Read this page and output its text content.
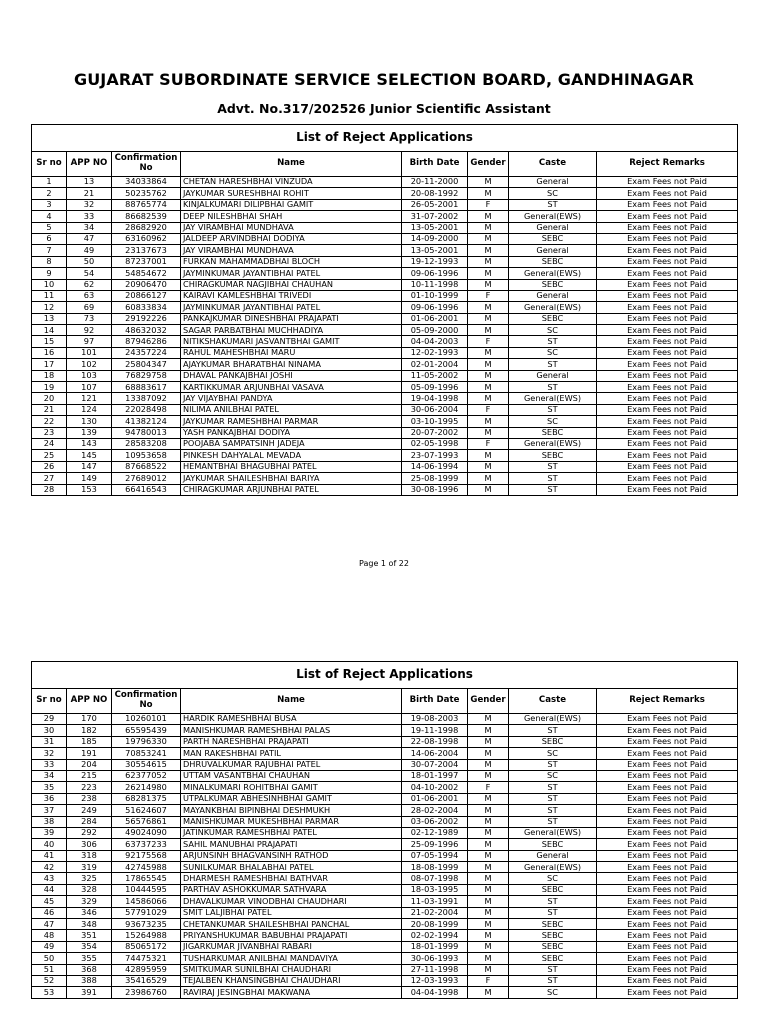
GUJARAT SUBORDINATE SERVICE SELECTION BOARD, GANDHINAGAR
Advt. No.317/202526 Junior Scientific Assistant
List of Reject Applications							
Sr no	APP NO	Confirmation No	Name	Birth Date	Gender	Caste	Reject Remarks
1	13	34033864	CHETAN HARESHBHAI VINZUDA	20-11-2000	M	General	Exam Fees not Paid
2	21	50235762	JAYKUMAR SURESHBHAI ROHIT	20-08-1992	M	SC	Exam Fees not Paid
3	32	88765774	KINJALKUMARI DILIPBHAI GAMIT	26-05-2001	F	ST	Exam Fees not Paid
4	33	86682539	DEEP NILESHBHAI SHAH	31-07-2002	M	General(EWS)	Exam Fees not Paid
5	34	28682920	JAY VIRAMBHAI MUNDHAVA	13-05-2001	M	General	Exam Fees not Paid
6	47	63160962	JALDEEP ARVINDBHAI DODIYA	14-09-2000	M	SEBC	Exam Fees not Paid
7	49	23137673	JAY VIRAMBHAI MUNDHAVA	13-05-2001	M	General	Exam Fees not Paid
8	50	87237001	FURKAN MAHAMMADBHAI BLOCH	19-12-1993	M	SEBC	Exam Fees not Paid
9	54	54854672	JAYMINKUMAR JAYANTIBHAI PATEL	09-06-1996	M	General(EWS)	Exam Fees not Paid
10	62	20906470	CHIRAGKUMAR NAGJIBHAI CHAUHAN	10-11-1998	M	SEBC	Exam Fees not Paid
11	63	20866127	KAIRAVI KAMLESHBHAI TRIVEDI	01-10-1999	F	General	Exam Fees not Paid
12	69	60833834	JAYMINKUMAR JAYANTIBHAI PATEL	09-06-1996	M	General(EWS)	Exam Fees not Paid
13	73	29192226	PANKAJKUMAR DINESHBHAI PRAJAPATI	01-06-2001	M	SEBC	Exam Fees not Paid
14	92	48632032	SAGAR PARBATBHAI MUCHHADIYA	05-09-2000	M	SC	Exam Fees not Paid
15	97	87946286	NITIKSHAKUMARI JASVANTBHAI GAMIT	04-04-2003	F	ST	Exam Fees not Paid
16	101	24357224	RAHUL MAHESHBHAI MARU	12-02-1993	M	SC	Exam Fees not Paid
17	102	25804347	AJAYKUMAR BHARATBHAI NINAMA	02-01-2004	M	ST	Exam Fees not Paid
18	103	76829758	DHAVAL PANKAJBHAI JOSHI	11-05-2002	M	General	Exam Fees not Paid
19	107	68883617	KARTIKKUMAR ARJUNBHAI VASAVA	05-09-1996	M	ST	Exam Fees not Paid
20	121	13387092	JAY VIJAYBHAI PANDYA	19-04-1998	M	General(EWS)	Exam Fees not Paid
21	124	22028498	NILIMA ANILBHAI PATEL	30-06-2004	F	ST	Exam Fees not Paid
22	130	41382124	JAYKUMAR RAMESHBHAI PARMAR	03-10-1995	M	SC	Exam Fees not Paid
23	139	94780013	YASH PANKAJBHAI DODIYA	20-07-2002	M	SEBC	Exam Fees not Paid
24	143	28583208	POOJABA SAMPATSINH JADEJA	02-05-1998	F	General(EWS)	Exam Fees not Paid
25	145	10953658	PINKESH DAHYALAL MEVADA	23-07-1993	M	SEBC	Exam Fees not Paid
26	147	87668522	HEMANTBHAI BHAGUBHAI PATEL	14-06-1994	M	ST	Exam Fees not Paid
27	149	27689012	JAYKUMAR SHAILESHBHAI BARIYA	25-08-1999	M	ST	Exam Fees not Paid
28	153	66416543	CHIRAGKUMAR ARJUNBHAI PATEL	30-08-1996	M	ST	Exam Fees not Paid
Page 1 of 22
List of Reject Applications							
Sr no	APP NO	Confirmation No	Name	Birth Date	Gender	Caste	Reject Remarks
29	170	10260101	HARDIK RAMESHBHAI BUSA	19-08-2003	M	General(EWS)	Exam Fees not Paid
30	182	65595439	MANISHKUMAR RAMESHBHAI PALAS	19-11-1998	M	ST	Exam Fees not Paid
31	185	19796330	PARTH NARESHBHAI PRAJAPATI	22-08-1998	M	SEBC	Exam Fees not Paid
32	191	70853241	MAN RAKESHBHAI PATIL	14-06-2004	M	SC	Exam Fees not Paid
33	204	30554615	DHRUVALKUMAR RAJUBHAI PATEL	30-07-2004	M	ST	Exam Fees not Paid
34	215	62377052	UTTAM VASANTBHAI CHAUHAN	18-01-1997	M	SC	Exam Fees not Paid
35	223	26214980	MINALKUMARI ROHITBHAI GAMIT	04-10-2002	F	ST	Exam Fees not Paid
36	238	68281375	UTPALKUMAR ABHESINHBHAI GAMIT	01-06-2001	M	ST	Exam Fees not Paid
37	249	51624607	MAYANKBHAI BIPINBHAI DESHMUKH	28-02-2004	M	ST	Exam Fees not Paid
38	284	56576861	MANISHKUMAR MUKESHBHAI PARMAR	03-06-2002	M	ST	Exam Fees not Paid
39	292	49024090	JATINKUMAR RAMESHBHAI PATEL	02-12-1989	M	General(EWS)	Exam Fees not Paid
40	306	63737233	SAHIL MANUBHAI PRAJAPATI	25-09-1996	M	SEBC	Exam Fees not Paid
41	318	92175568	ARJUNSINH BHAGVANSINH RATHOD	07-05-1994	M	General	Exam Fees not Paid
42	319	42745988	SUNILKUMAR BHALABHAI PATEL	18-08-1999	M	General(EWS)	Exam Fees not Paid
43	325	17865545	DHARMESH RAMESHBHAI BATHVAR	08-07-1998	M	SC	Exam Fees not Paid
44	328	10444595	PARTHAV ASHOKKUMAR SATHVARA	18-03-1995	M	SEBC	Exam Fees not Paid
45	329	14586066	DHAVALKUMAR VINODBHAI CHAUDHARI	11-03-1991	M	ST	Exam Fees not Paid
46	346	57791029	SMIT LALJIBHAI PATEL	21-02-2004	M	ST	Exam Fees not Paid
47	348	93673235	CHETANKUMAR SHAILESHBHAI PANCHAL	20-08-1999	M	SEBC	Exam Fees not Paid
48	351	15264988	PRIYANSHUKUMAR BABUBHAI PRAJAPATI	02-02-1994	M	SEBC	Exam Fees not Paid
49	354	85065172	JIGARKUMAR JIVANBHAI RABARI	18-01-1999	M	SEBC	Exam Fees not Paid
50	355	74475321	TUSHARKUMAR ANILBHAI MANDAVIYA	30-06-1993	M	SEBC	Exam Fees not Paid
51	368	42895959	SMITKUMAR SUNILBHAI CHAUDHARI	27-11-1998	M	ST	Exam Fees not Paid
52	388	35416529	TEJALBEN KHANSINGBHAI CHAUDHARI	12-03-1993	F	ST	Exam Fees not Paid
53	391	23986760	RAVIRAJ JESINGBHAI MAKWANA	04-04-1998	M	SC	Exam Fees not Paid
